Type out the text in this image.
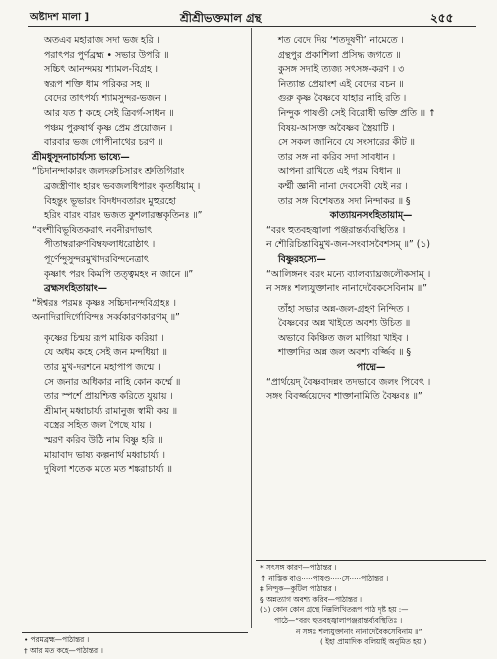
অষ্টাদশ মালা ]	শ্রীশ্রীভক্তমাল গ্রন্থ	২৫৫
অতএব মহারাজ সদা ভজ হরি ।
পরাৎপর পুর্ণব্রহ্ম • সভার উপরি ॥
সচ্চিৎ আনন্দময় শ্যামল-বিগ্রহ ।
স্বরূপ শক্তি ধাম পরিকর সহ ॥
বেদের তাৎপর্য্য শ্যামসুন্দর-ভজন ।
আর যত † কহে সেই ত্রিবর্গ-সাধন ॥
পঞ্চম পুরুষার্থ কৃষ্ণ প্রেম প্রয়োজন ।
বারবার ভজ গোপীনাথের চরণ ॥
শ্রীমধুসূদনাচার্য্যস্য ভাষ্যে—
“চিদানন্দাকারং জলদরুচিসারং শ্রুতিগিরাং
ব্রজস্ত্রীণাং হারং ভবজলধিপারং কৃতধিয়াম্ ।
বিহন্তুং ভূভারং বিদধদবতারং মুহুরহো
হরিং বারং বারং ভজত কুশলারম্ভকৃতিনঃ ॥”
“বংশীবিভূষিতকরাৎ নবনীরদাভাৎ
পীতাম্বরারুণবিম্বফলাধরোষ্ঠাৎ ।
পূর্ণেন্দুসুন্দরমুখাদরবিন্দনেত্রাৎ
কৃষ্ণাৎ পরং কিমপি তত্ত্বমহং ন জানে ॥”
ব্রহ্মসংহিতায়াং—
“ঈশ্বরঃ পরমঃ কৃষ্ণঃ সচ্চিদানন্দবিগ্রহঃ ।
অনাদিরাদির্গোবিন্দঃ সর্ব্বকারণকারণম্ ॥”
কৃষ্ণের চিন্ময় রূপ মায়িক করিয়া ।
যে অধম কহে সেই জন মন্দধিয়া ॥
তার মুখ-দরশনে মহাপাপ জন্মে ।
সে জনার অধিকার নাহি কোন কর্ম্মে ॥
তার স্পর্শে প্রায়শ্চিত্ত করিতে যুয়ায় ।
শ্রীমান্ মধ্বাচার্য্য রামানুজ স্বামী কয় ॥
বস্ত্রের সহিত জল পৈছে যায় ।
স্মরণ করিব উঠি নাম বিষ্ণু হরি ॥
মায়াবাদ ভাষ্য কল্পনার্থ মধ্বাচার্য্য ।
দুষিলা শতেক মতে মত শঙ্করাচার্য্য ॥
শত বেদে দিয় ‘শতদূষণী’ নামেতে ।
গ্রন্থপুর প্রকাশিলা প্রসিদ্ধ জগতে ॥
কুসঙ্গ সদাই ত্যজ্য সৎসঙ্গ-করণ । ৩
নিত্যান্ত প্রেয়াংশ এই বেদের বচন ॥
গুরু কৃষ্ণ বৈষ্ণবে যাহার নাহি রতি ।
নিন্দুক পাষণ্ডী সেই বিরোধী ভক্তি প্রতি ॥ ↑
বিষয়-আসক্ত অবৈষ্ণব স্ত্রৈয়াটি ।
সে সকল জানিবে যে সংসারের কীট ॥
তার সঙ্গ না করিব সদা সাবধান ।
আপনা রাখিতে এই পরম বিধান ॥
কর্ম্মী জ্ঞানী নানা দেবসেবী যেই নর ।
তার সঙ্গ বিশেষতঃ সদা নিন্দাকর ॥ §
কাত্যায়নসংহিতায়াম্—
“বরং হুতবহজ্বালা পঞ্জরান্তর্ব্যবস্থিতিঃ ।
ন শৌরিচিন্তাবিমুখ-জন-সংবাসবৈশসম্ ॥” (১)
বিষ্ণুরহস্যে—
“আলিঙ্গনং বরং মন্যে ব্যালব্যাঘ্রজলৌকসাম্ ।
ন সঙ্গঃ শল্যযুক্তানাং নানাদেবৈকসেবিনাম ॥”
তাঁহা সভার অন্ন-জল-গ্রহণ নিন্দিত ।
বৈষ্ণবের অন্ন খাইতে অবশ্য উচিত ॥
অভাবে কিঞ্চিত জল মাগিয়া খাইব ।
শাক্তাদির অন্ন জল অবশ্য বর্জ্জিব ॥ §
পাদ্মে—
“প্রার্থয়েদ্ বৈষ্ণবাদন্নং তদভাবে জলং পিবেৎ ।
সঙ্গং বিবর্জ্জয়েদেব শাক্তানামিতি বৈষ্ণবঃ ॥”
• পরমব্রহ্ম—পাঠান্তর ।
† আর মত কহে—পাঠান্তর ।
* সৎসঙ্গ কারণ—পাঠান্তর ।
↑ নাস্তিক বাও·····পাষণ্ড·····সে·····পাঠান্তর ।
‡ নিন্দুক—কুটিল পাঠান্তর ।
§ অন্নত্যাগ অবশ্য করিব—পাঠান্তর ।
(১) কোন কোন গ্রন্থে নিম্নলিখিতরূপ পাঠ দৃষ্ট হয় :—
পাঠে—“বরং হুতবহজ্বালাপঞ্জরান্তর্ব্যবস্থিতিঃ ।
ন সঙ্গঃ শল্যযুক্তানাং নানাদেবৈকসেবিনাম ॥”
( ইহা প্রামাদিক বলিয়াই অনুমিত হয় )
